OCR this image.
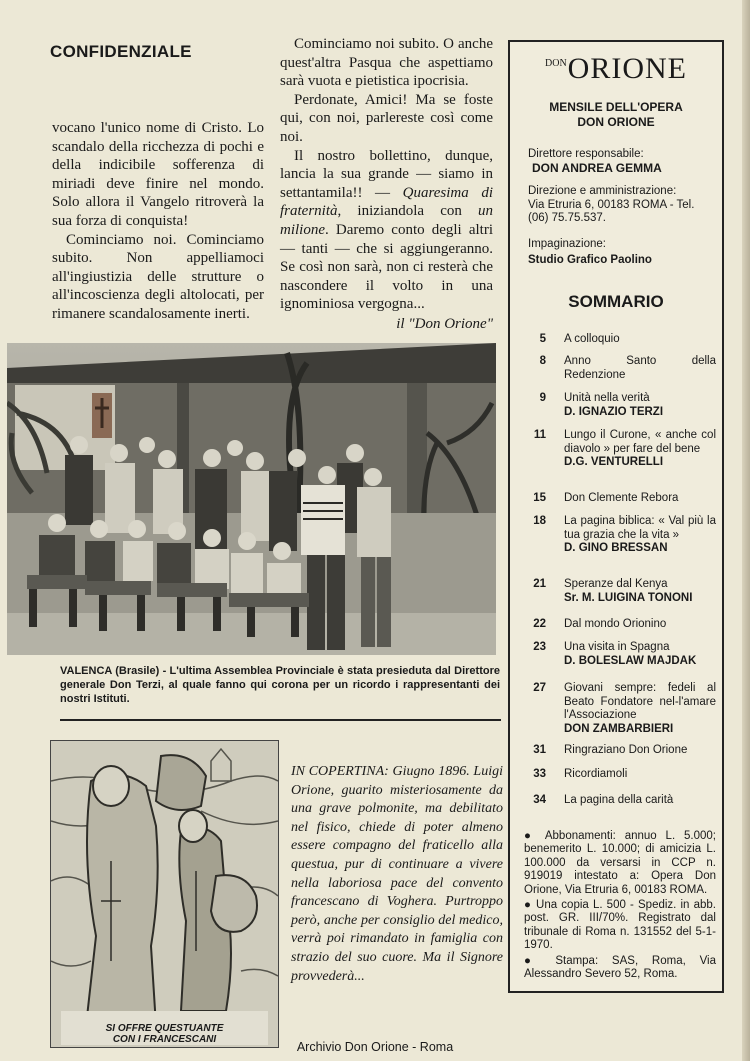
CONFIDENZIALE

vocano l'unico nome di Cristo. Lo scandalo della ricchezza di pochi e della indicibile sofferenza di miriadi deve finire nel mondo. Solo allora il Vangelo ritroverà la sua forza di conquista!

Cominciamo noi. Cominciamo subito. Non appelliamoci all'ingiustizia delle strutture o all'incoscienza degli altolocati, per rimanere scandalosamente inerti.

Cominciamo noi subito. O anche quest'altra Pasqua che aspettiamo sarà vuota e pietistica ipocrisia.

Perdonate, Amici! Ma se foste qui, con noi, parlereste così come noi.

Il nostro bollettino, dunque, lancia la sua grande — siamo in settantamila!! — Quaresima di fraternità, iniziandola con un milione. Daremo conto degli altri — tanti — che si aggiungeranno. Se così non sarà, non ci resterà che nascondere il volto in una ignominiosa vergogna...

il "Don Orione"
$^{DON}$ORIONE
MENSILE DELL'OPERA DON ORIONE
Direttore responsabile:
DON ANDREA GEMMA
Direzione e amministrazione:
Via Etruria 6, 00183 ROMA - Tel. (06) 75.75.537.
Impaginazione:
Studio Grafico Paolino
SOMMARIO
5 A colloquio
8 Anno Santo della Redenzione
9 Unità nella verità
D. IGNAZIO TERZI
11 Lungo il Curone, « anche col diavolo » per fare del bene
D.G. VENTURELLI
15 Don Clemente Rebora
18 La pagina biblica: « Val più la tua grazia che la vita »
D. GINO BRESSAN
21 Speranze dal Kenya
Sr. M. LUIGINA TONONI
22 Dal mondo Orionino
23 Una visita in Spagna
D. BOLESLAW MAJDAK
27 Giovani sempre: fedeli al Beato Fondatore nel-l'amare l'Associazione
DON ZAMBARBIERI
31 Ringraziano Don Orione
33 Ricordiamoli
34 La pagina della carità

● Abbonamenti: annuo L. 5.000; benemerito L. 10.000; di amicizia L. 100.000 da versarsi in CCP n. 919019 intestato a: Opera Don Orione, Via Etruria 6, 00183 ROMA.

● Una copia L. 500 - Spediz. in abb. post. GR. III/70%. Registrato dal tribunale di Roma n. 131552 del 5-1-1970.

● Stampa: SAS, Roma, Via Alessandro Severo 52, Roma.

VALENCA (Brasile) - L'ultima Assemblea Provinciale è stata presieduta dal Direttore generale Don Terzi, al quale fanno qui corona per un ricordo i rappresentanti dei nostri Istituti.
SI OFFRE QUESTUANTE
CON I FRANCESCANI
IN COPERTINA: Giugno 1896. Luigi Orione, guarito misteriosamente da una grave polmonite, ma debilitato nel fisico, chiede di poter almeno essere compagno del fraticello alla questua, pur di continuare a vivere nella laboriosa pace del convento francescano di Voghera. Purtroppo però, anche per consiglio del medico, verrà poi rimandato in famiglia con strazio del suo cuore. Ma il Signore provvederà...
Archivio Don Orione - Roma
